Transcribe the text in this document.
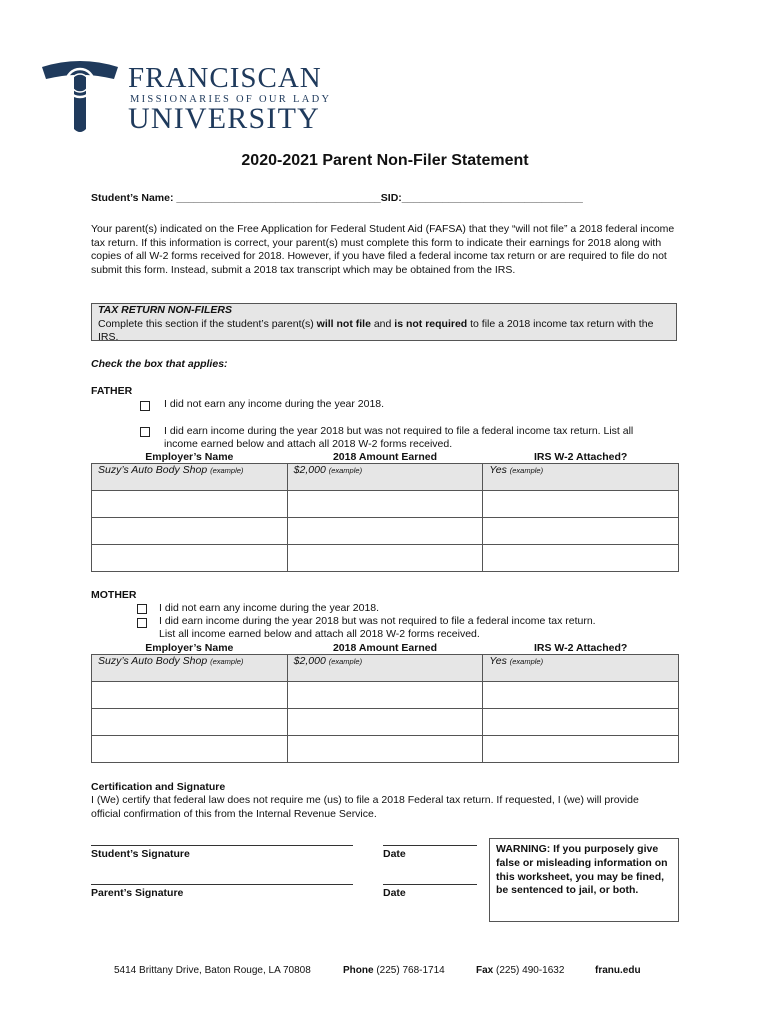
FRANCISCAN
MISSIONARIES OF OUR LADY
UNIVERSITY
2020-2021 Parent Non-Filer Statement
Student’s Name: ___________________________________SID:_______________________________
Your parent(s) indicated on the Free Application for Federal Student Aid (FAFSA) that they “will not file” a 2018 federal income tax return. If this information is correct, your parent(s) must complete this form to indicate their earnings for 2018 along with copies of all W-2 forms received for 2018. However, if you have filed a federal income tax return or are required to file do not submit this form. Instead, submit a 2018 tax transcript which may be obtained from the IRS.
TAX RETURN NON-FILERS
Complete this section if the student’s parent(s) will not file and is not required to file a 2018 income tax return with the IRS.
Check the box that applies:
FATHER
I did not earn any income during the year 2018.
I did earn income during the year 2018 but was not required to file a federal income tax return. List all
income earned below and attach all 2018 W-2 forms received.
Employer’s Name	2018 Amount Earned	IRS W-2 Attached?
Suzy’s Auto Body Shop (example)	$2,000 (example)	Yes (example)

MOTHER
I did not earn any income during the year 2018.
I did earn income during the year 2018 but was not required to file a federal income tax return.
List all income earned below and attach all 2018 W-2 forms received.
Employer’s Name	2018 Amount Earned	IRS W-2 Attached?
Suzy’s Auto Body Shop (example)	$2,000 (example)	Yes (example)

Certification and Signature
I (We) certify that federal law does not require me (us) to file a 2018 Federal tax return. If requested, I (we) will provide official confirmation of this from the Internal Revenue Service.
Student’s Signature	Date
Parent’s Signature	Date
WARNING: If you purposely give false or misleading information on this worksheet, you may be fined, be sentenced to jail, or both.
5414 Brittany Drive, Baton Rouge, LA 70808	Phone (225) 768-1714	Fax (225) 490-1632	franu.edu
